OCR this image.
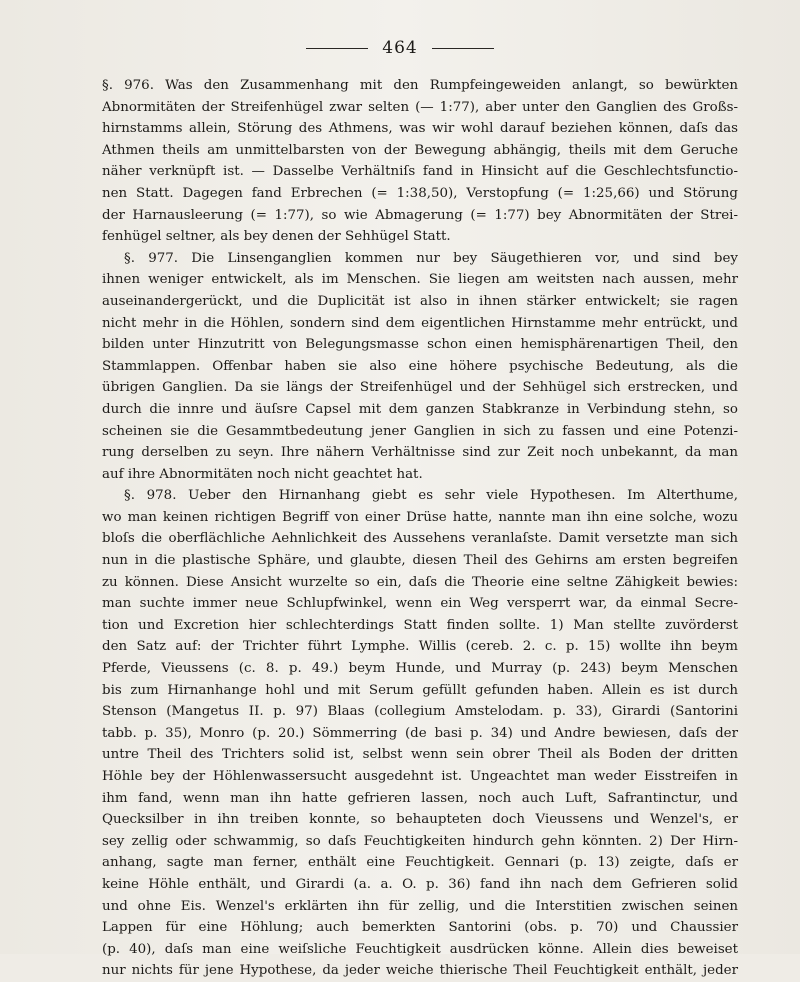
464
§. 976. Was den Zusammenhang mit den Rumpfeingeweiden anlangt, so bewürkten
Abnormitäten der Streifenhügel zwar selten (— 1:77), aber unter den Ganglien des Großs-
hirnstamms allein, Störung des Athmens, was wir wohl darauf beziehen können, daſs das
Athmen theils am unmittelbarsten von der Bewegung abhängig, theils mit dem Geruche
näher verknüpft ist. — Dasselbe Verhältniſs fand in Hinsicht auf die Geschlechtsfunctio-
nen Statt. Dagegen fand Erbrechen (= 1:38,50), Verstopfung (= 1:25,66) und Störung
der Harnausleerung (= 1:77), so wie Abmagerung (= 1:77) bey Abnormitäten der Strei-
fenhügel seltner, als bey denen der Sehhügel Statt.
§. 977. Die Linsenganglien kommen nur bey Säugethieren vor, und sind bey
ihnen weniger entwickelt, als im Menschen. Sie liegen am weitsten nach aussen, mehr
auseinandergerückt, und die Duplicität ist also in ihnen stärker entwickelt; sie ragen
nicht mehr in die Höhlen, sondern sind dem eigentlichen Hirnstamme mehr entrückt, und
bilden unter Hinzutritt von Belegungsmasse schon einen hemisphärenartigen Theil, den
Stammlappen. Offenbar haben sie also eine höhere psychische Bedeutung, als die
übrigen Ganglien. Da sie längs der Streifenhügel und der Sehhügel sich erstrecken, und
durch die innre und äuſsre Capsel mit dem ganzen Stabkranze in Verbindung stehn, so
scheinen sie die Gesammtbedeutung jener Ganglien in sich zu fassen und eine Potenzi-
rung derselben zu seyn. Ihre nähern Verhältnisse sind zur Zeit noch unbekannt, da man
auf ihre Abnormitäten noch nicht geachtet hat.
§. 978. Ueber den Hirnanhang giebt es sehr viele Hypothesen. Im Alterthume,
wo man keinen richtigen Begriff von einer Drüse hatte, nannte man ihn eine solche, wozu
bloſs die oberflächliche Aehnlichkeit des Aussehens veranlaſste. Damit versetzte man sich
nun in die plastische Sphäre, und glaubte, diesen Theil des Gehirns am ersten begreifen
zu können. Diese Ansicht wurzelte so ein, daſs die Theorie eine seltne Zähigkeit bewies:
man suchte immer neue Schlupfwinkel, wenn ein Weg versperrt war, da einmal Secre-
tion und Excretion hier schlechterdings Statt finden sollte. 1) Man stellte zuvörderst
den Satz auf: der Trichter führt Lymphe. Willis (cereb. 2. c. p. 15) wollte ihn beym
Pferde, Vieussens (c. 8. p. 49.) beym Hunde, und Murray (p. 243) beym Menschen
bis zum Hirnanhange hohl und mit Serum gefüllt gefunden haben. Allein es ist durch
Stenson (Mangetus II. p. 97) Blaas (collegium Amstelodam. p. 33), Girardi (Santorini
tabb. p. 35), Monro (p. 20.) Sömmerring (de basi p. 34) und Andre bewiesen, daſs der
untre Theil des Trichters solid ist, selbst wenn sein obrer Theil als Boden der dritten
Höhle bey der Höhlenwassersucht ausgedehnt ist. Ungeachtet man weder Eisstreifen in
ihm fand, wenn man ihn hatte gefrieren lassen, noch auch Luft, Safrantinctur, und
Quecksilber in ihn treiben konnte, so behaupteten doch Vieussens und Wenzel's, er
sey zellig oder schwammig, so daſs Feuchtigkeiten hindurch gehn könnten. 2) Der Hirn-
anhang, sagte man ferner, enthält eine Feuchtigkeit. Gennari (p. 13) zeigte, daſs er
keine Höhle enthält, und Girardi (a. a. O. p. 36) fand ihn nach dem Gefrieren solid
und ohne Eis. Wenzel's erklärten ihn für zellig, und die Interstitien zwischen seinen
Lappen für eine Höhlung; auch bemerkten Santorini (obs. p. 70) und Chaussier
(p. 40), daſs man eine weiſsliche Feuchtigkeit ausdrücken könne. Allein dies beweiset
nur nichts für jene Hypothese, da jeder weiche thierische Theil Feuchtigkeit enthält, jeder
